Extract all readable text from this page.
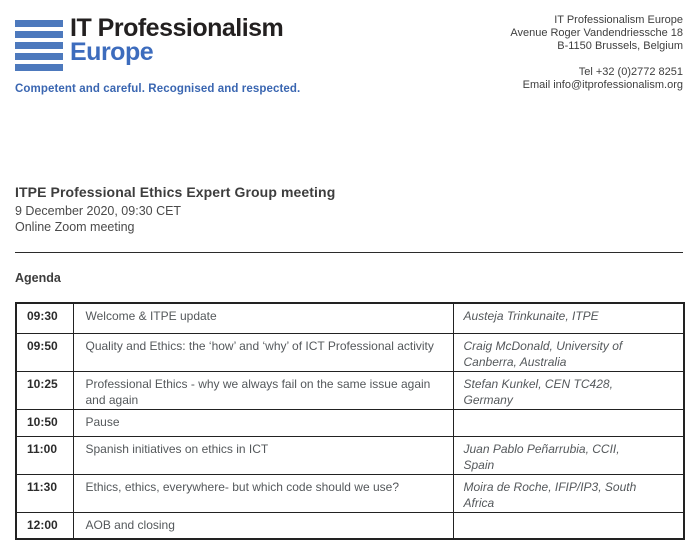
IT Professionalism
Europe
Competent and careful. Recognised and respected.
IT Professionalism Europe
Avenue Roger Vandendriessche 18
B-1150 Brussels, Belgium
Tel +32 (0)2772 8251
Email info@itprofessionalism.org
ITPE Professional Ethics Expert Group meeting
9 December 2020, 09:30 CET
Online Zoom meeting
Agenda
09:30	Welcome & ITPE update	Austeja Trinkunaite, ITPE
09:50	Quality and Ethics: the ‘how’ and ‘why’ of ICT Professional activity	Craig McDonald, University of Canberra, Australia
10:25	Professional Ethics - why we always fail on the same issue again and again	Stefan Kunkel, CEN TC428, Germany
10:50	Pause	
11:00	Spanish initiatives on ethics in ICT	Juan Pablo Peñarrubia, CCII, Spain
11:30	Ethics, ethics, everywhere- but which code should we use?	Moira de Roche, IFIP/IP3, South Africa
12:00	AOB and closing	
